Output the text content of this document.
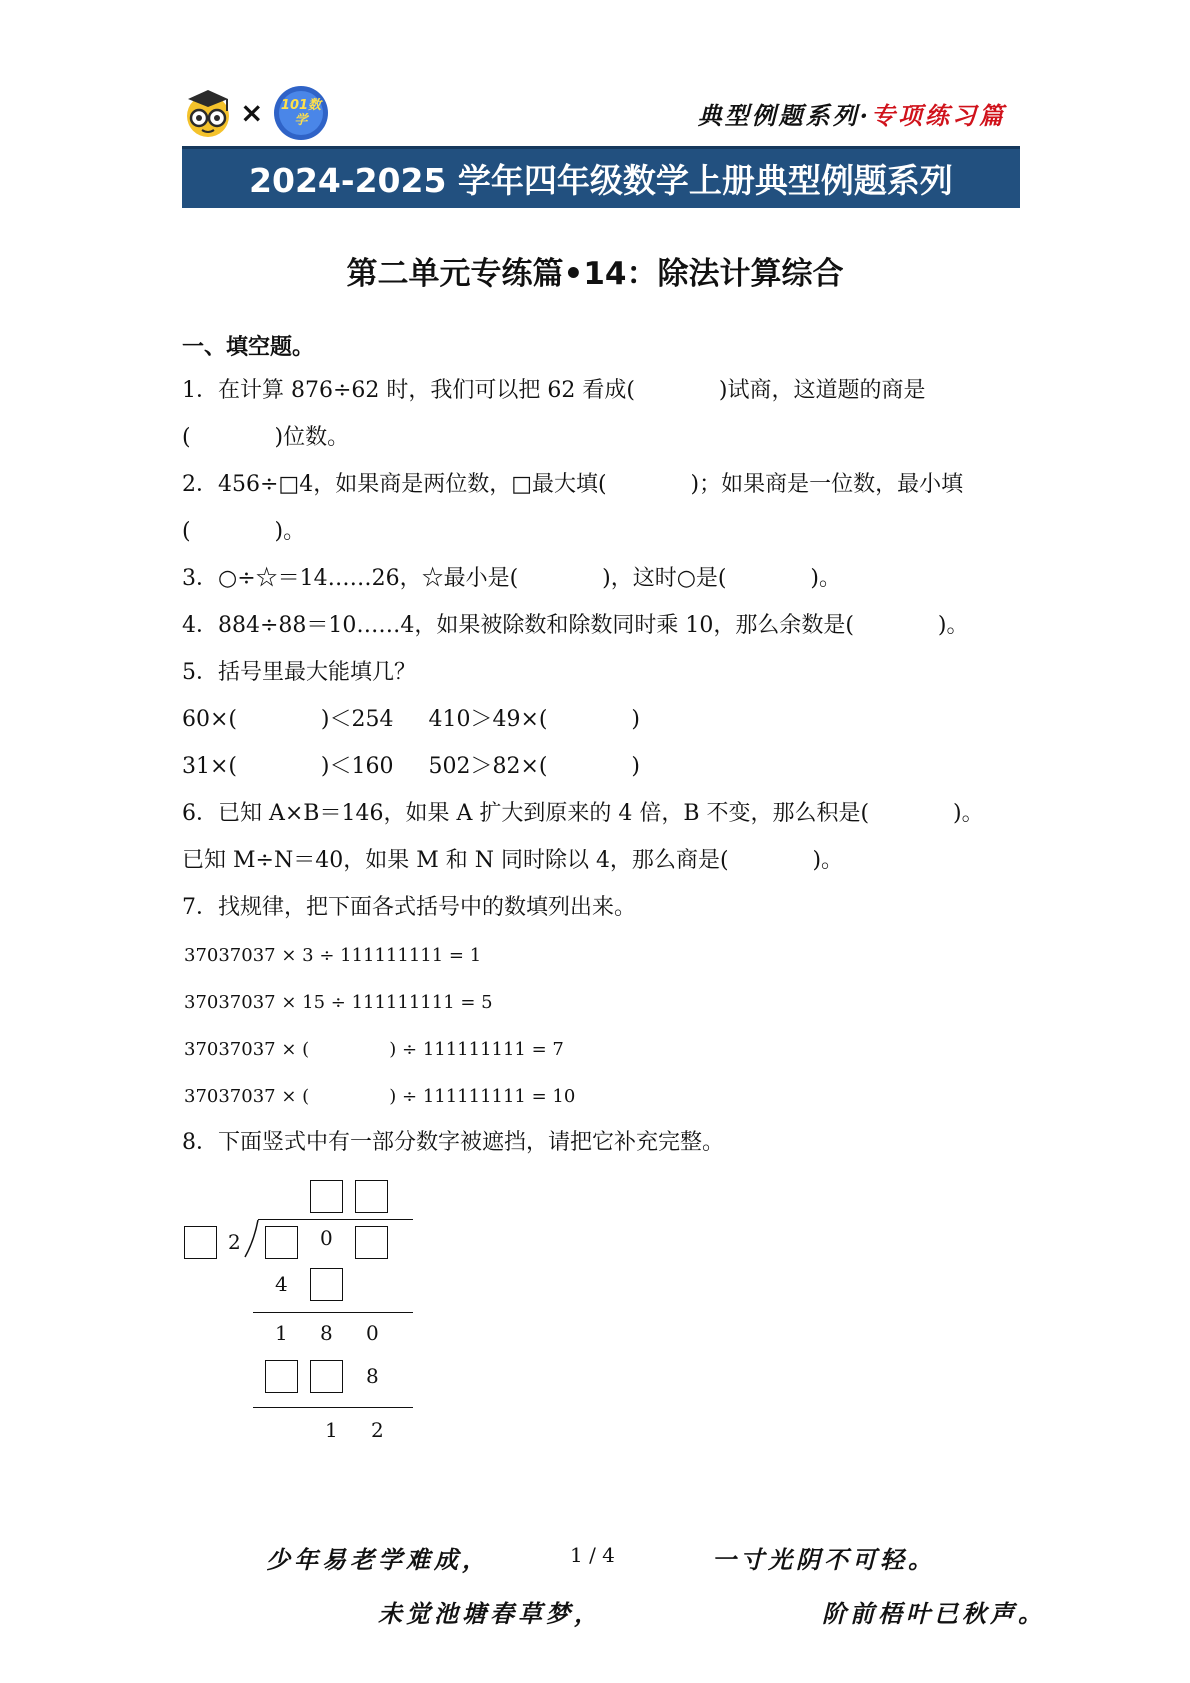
× 101数学	典型例题系列·专项练习篇
2024-2025 学年四年级数学上册典型例题系列
第二单元专练篇•14：除法计算综合
一、填空题。
1．在计算 876÷62 时，我们可以把 62 看成(            )试商，这道题的商是
(            )位数。
2．456÷□4，如果商是两位数，□最大填(            )；如果商是一位数，最小填
(            )。
3．○÷☆＝14……26，☆最小是(            )，这时○是(            )。
4．884÷88＝10……4，如果被除数和除数同时乘 10，那么余数是(            )。
5．括号里最大能填几？
60×(            )＜254     410＞49×(            )
31×(            )＜160     502＞82×(            )
6．已知 A×B＝146，如果 A 扩大到原来的 4 倍，B 不变，那么积是(            )。
已知 M÷N＝40，如果 M 和 N 同时除以 4，那么商是(            )。
7．找规律，把下面各式括号中的数填列出来。
37037037 × 3 ÷ 111111111 = 1
37037037 × 15 ÷ 111111111 = 5
37037037 × (              ) ÷ 111111111 = 7
37037037 × (              ) ÷ 111111111 = 10
8．下面竖式中有一部分数字被遮挡，请把它补充完整。
2	0
4
1 8 0
8
1 2
少年易老学难成，	1 / 4	一寸光阴不可轻。
未觉池塘春草梦，	阶前梧叶已秋声。
